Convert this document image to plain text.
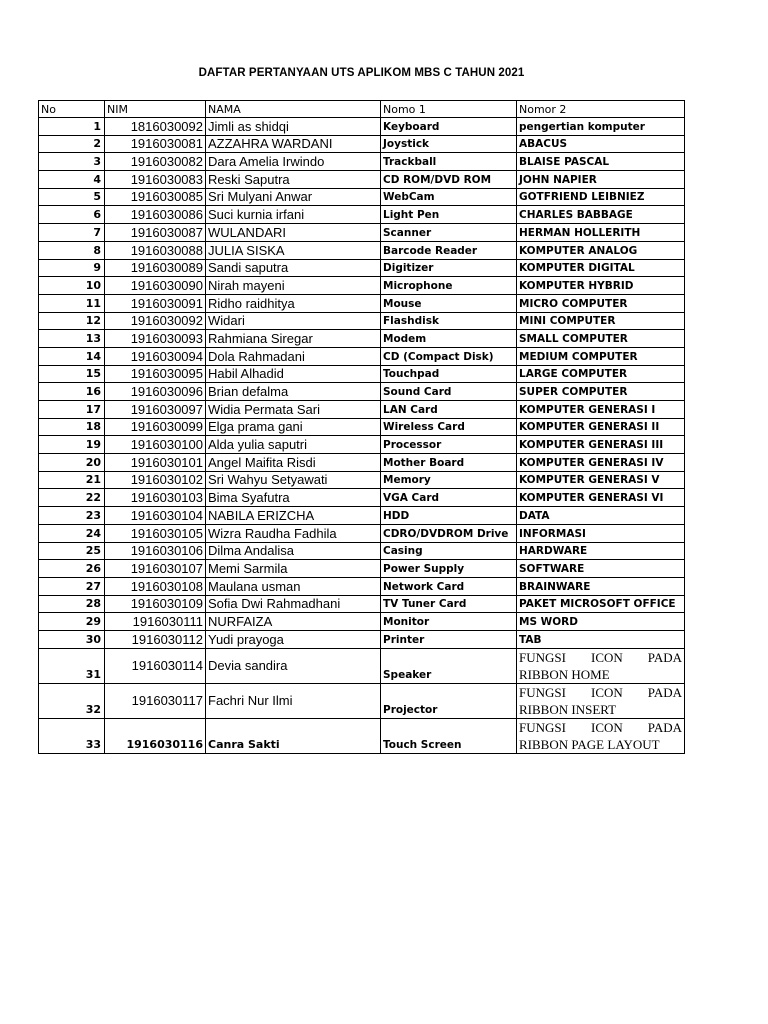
DAFTAR PERTANYAAN UTS APLIKOM MBS C TAHUN 2021
No	NIM	NAMA	Nomo 1	Nomor 2
1	1816030092	Jimli as shidqi	Keyboard	pengertian komputer
2	1916030081	AZZAHRA WARDANI	Joystick	ABACUS
3	1916030082	Dara Amelia Irwindo	Trackball	BLAISE PASCAL
4	1916030083	Reski Saputra	CD ROM/DVD ROM	JOHN NAPIER
5	1916030085	Sri Mulyani Anwar	WebCam	GOTFRIEND LEIBNIEZ
6	1916030086	Suci kurnia irfani	Light Pen	CHARLES BABBAGE
7	1916030087	WULANDARI	Scanner	HERMAN HOLLERITH
8	1916030088	JULIA SISKA	Barcode Reader	KOMPUTER ANALOG
9	1916030089	Sandi saputra	Digitizer	KOMPUTER DIGITAL
10	1916030090	Nirah mayeni	Microphone	KOMPUTER HYBRID
11	1916030091	Ridho raidhitya	Mouse	MICRO COMPUTER
12	1916030092	Widari	Flashdisk	MINI COMPUTER
13	1916030093	Rahmiana Siregar	Modem	SMALL COMPUTER
14	1916030094	Dola Rahmadani	CD (Compact Disk)	MEDIUM COMPUTER
15	1916030095	Habil Alhadid	Touchpad	LARGE COMPUTER
16	1916030096	Brian defalma	Sound Card	SUPER COMPUTER
17	1916030097	Widia Permata Sari	LAN Card	KOMPUTER GENERASI I
18	1916030099	Elga prama gani	Wireless Card	KOMPUTER GENERASI II
19	1916030100	Alda yulia saputri	Processor	KOMPUTER GENERASI III
20	1916030101	Angel Maifita Risdi	Mother Board	KOMPUTER GENERASI IV
21	1916030102	Sri Wahyu Setyawati	Memory	KOMPUTER GENERASI V
22	1916030103	Bima Syafutra	VGA Card	KOMPUTER GENERASI VI
23	1916030104	NABILA ERIZCHA	HDD	DATA
24	1916030105	Wizra Raudha Fadhila	CDRO/DVDROM Drive	INFORMASI
25	1916030106	Dilma Andalisa	Casing	HARDWARE
26	1916030107	Memi Sarmila	Power Supply	SOFTWARE
27	1916030108	Maulana usman	Network Card	BRAINWARE
28	1916030109	Sofia Dwi Rahmadhani	TV Tuner Card	PAKET MICROSOFT OFFICE
29	1916030111	NURFAIZA	Monitor	MS WORD
30	1916030112	Yudi prayoga	Printer	TAB
31	1916030114	Devia sandira	Speaker	FUNGSI ICON PADA RIBBON HOME
32	1916030117	Fachri Nur Ilmi	Projector	FUNGSI ICON PADA RIBBON INSERT
33	1916030116	Canra Sakti	Touch Screen	FUNGSI ICON PADA RIBBON PAGE LAYOUT
